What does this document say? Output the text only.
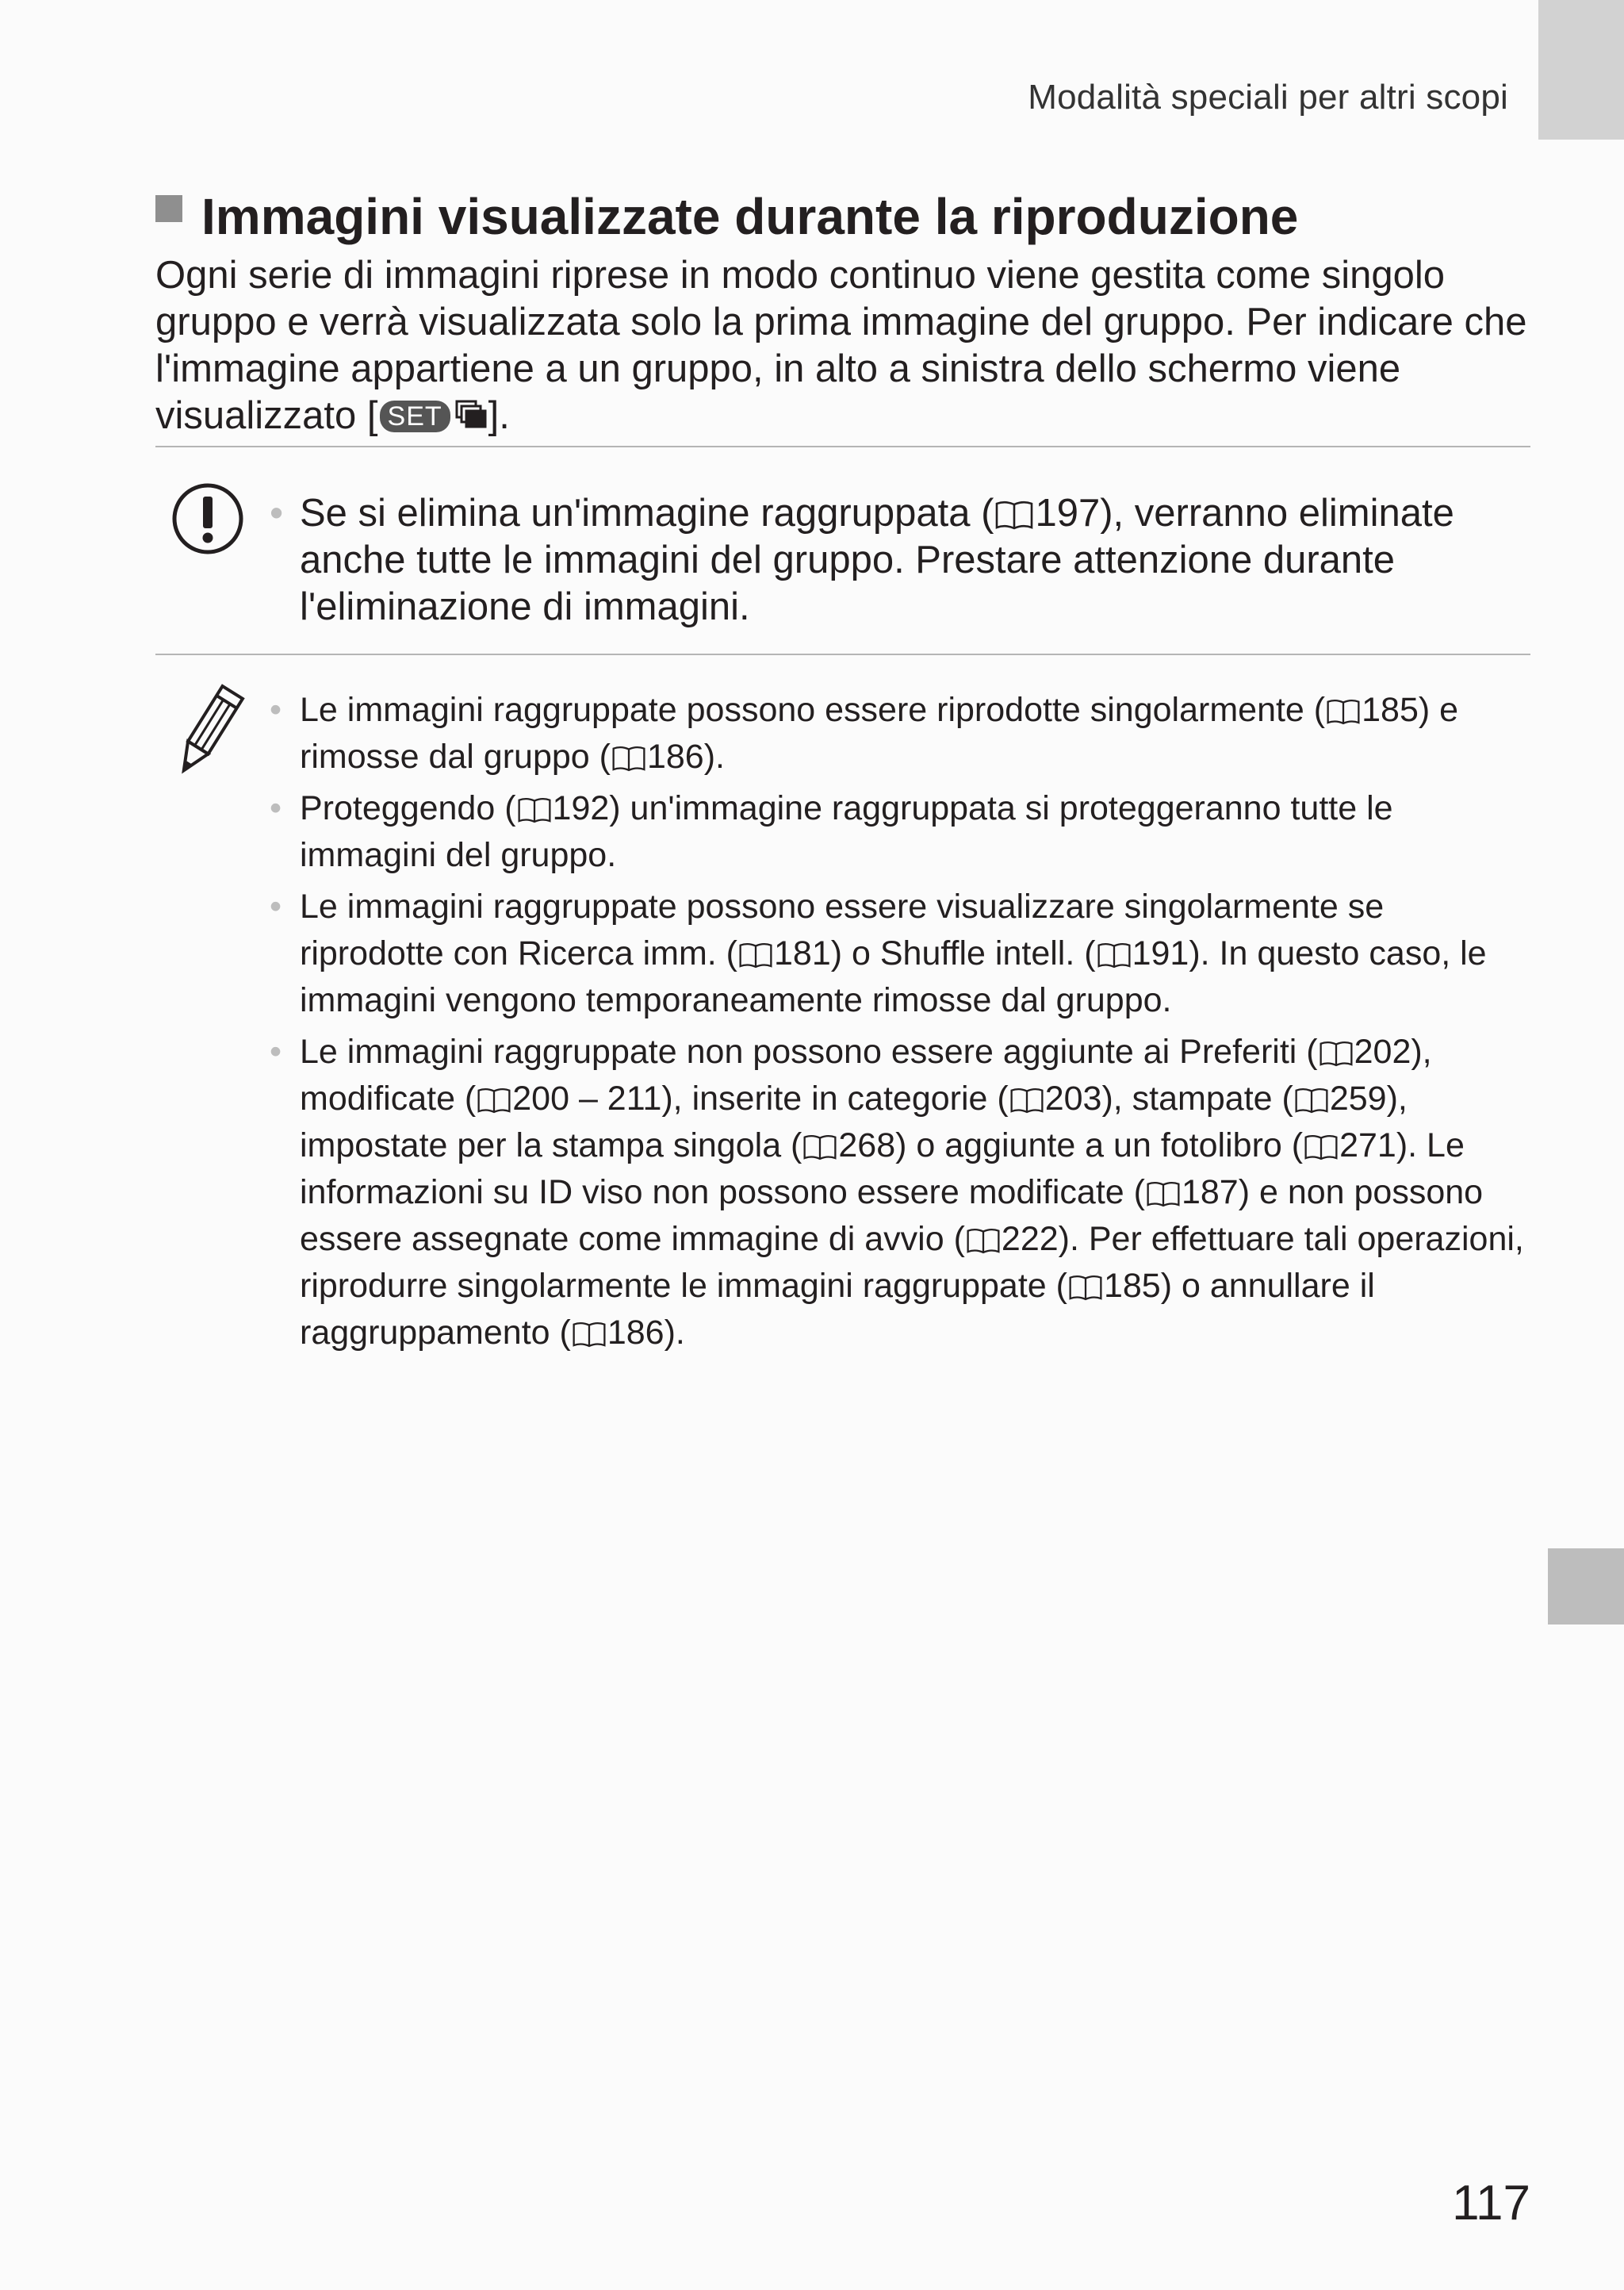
Modalità speciali per altri scopi
Immagini visualizzate durante la riproduzione
Ogni serie di immagini riprese in modo continuo viene gestita come singolo gruppo e verrà visualizzata solo la prima immagine del gruppo. Per indicare che l'immagine appartiene a un gruppo, in alto a sinistra dello schermo viene visualizzato [ SET ].
• Se si elimina un'immagine raggruppata ( 197), verranno eliminate anche tutte le immagini del gruppo. Prestare attenzione durante l'eliminazione di immagini.
• Le immagini raggruppate possono essere riprodotte singolarmente ( 185) e rimosse dal gruppo ( 186).
• Proteggendo ( 192) un'immagine raggruppata si proteggeranno tutte le immagini del gruppo.
• Le immagini raggruppate possono essere visualizzare singolarmente se riprodotte con Ricerca imm. ( 181) o Shuffle intell. ( 191). In questo caso, le immagini vengono temporaneamente rimosse dal gruppo.
• Le immagini raggruppate non possono essere aggiunte ai Preferiti ( 202), modificate ( 200 – 211), inserite in categorie ( 203), stampate ( 259), impostate per la stampa singola ( 268) o aggiunte a un fotolibro ( 271). Le informazioni su ID viso non possono essere modificate ( 187) e non possono essere assegnate come immagine di avvio ( 222). Per effettuare tali operazioni, riprodurre singolarmente le immagini raggruppate ( 185) o annullare il raggruppamento ( 186).
117
